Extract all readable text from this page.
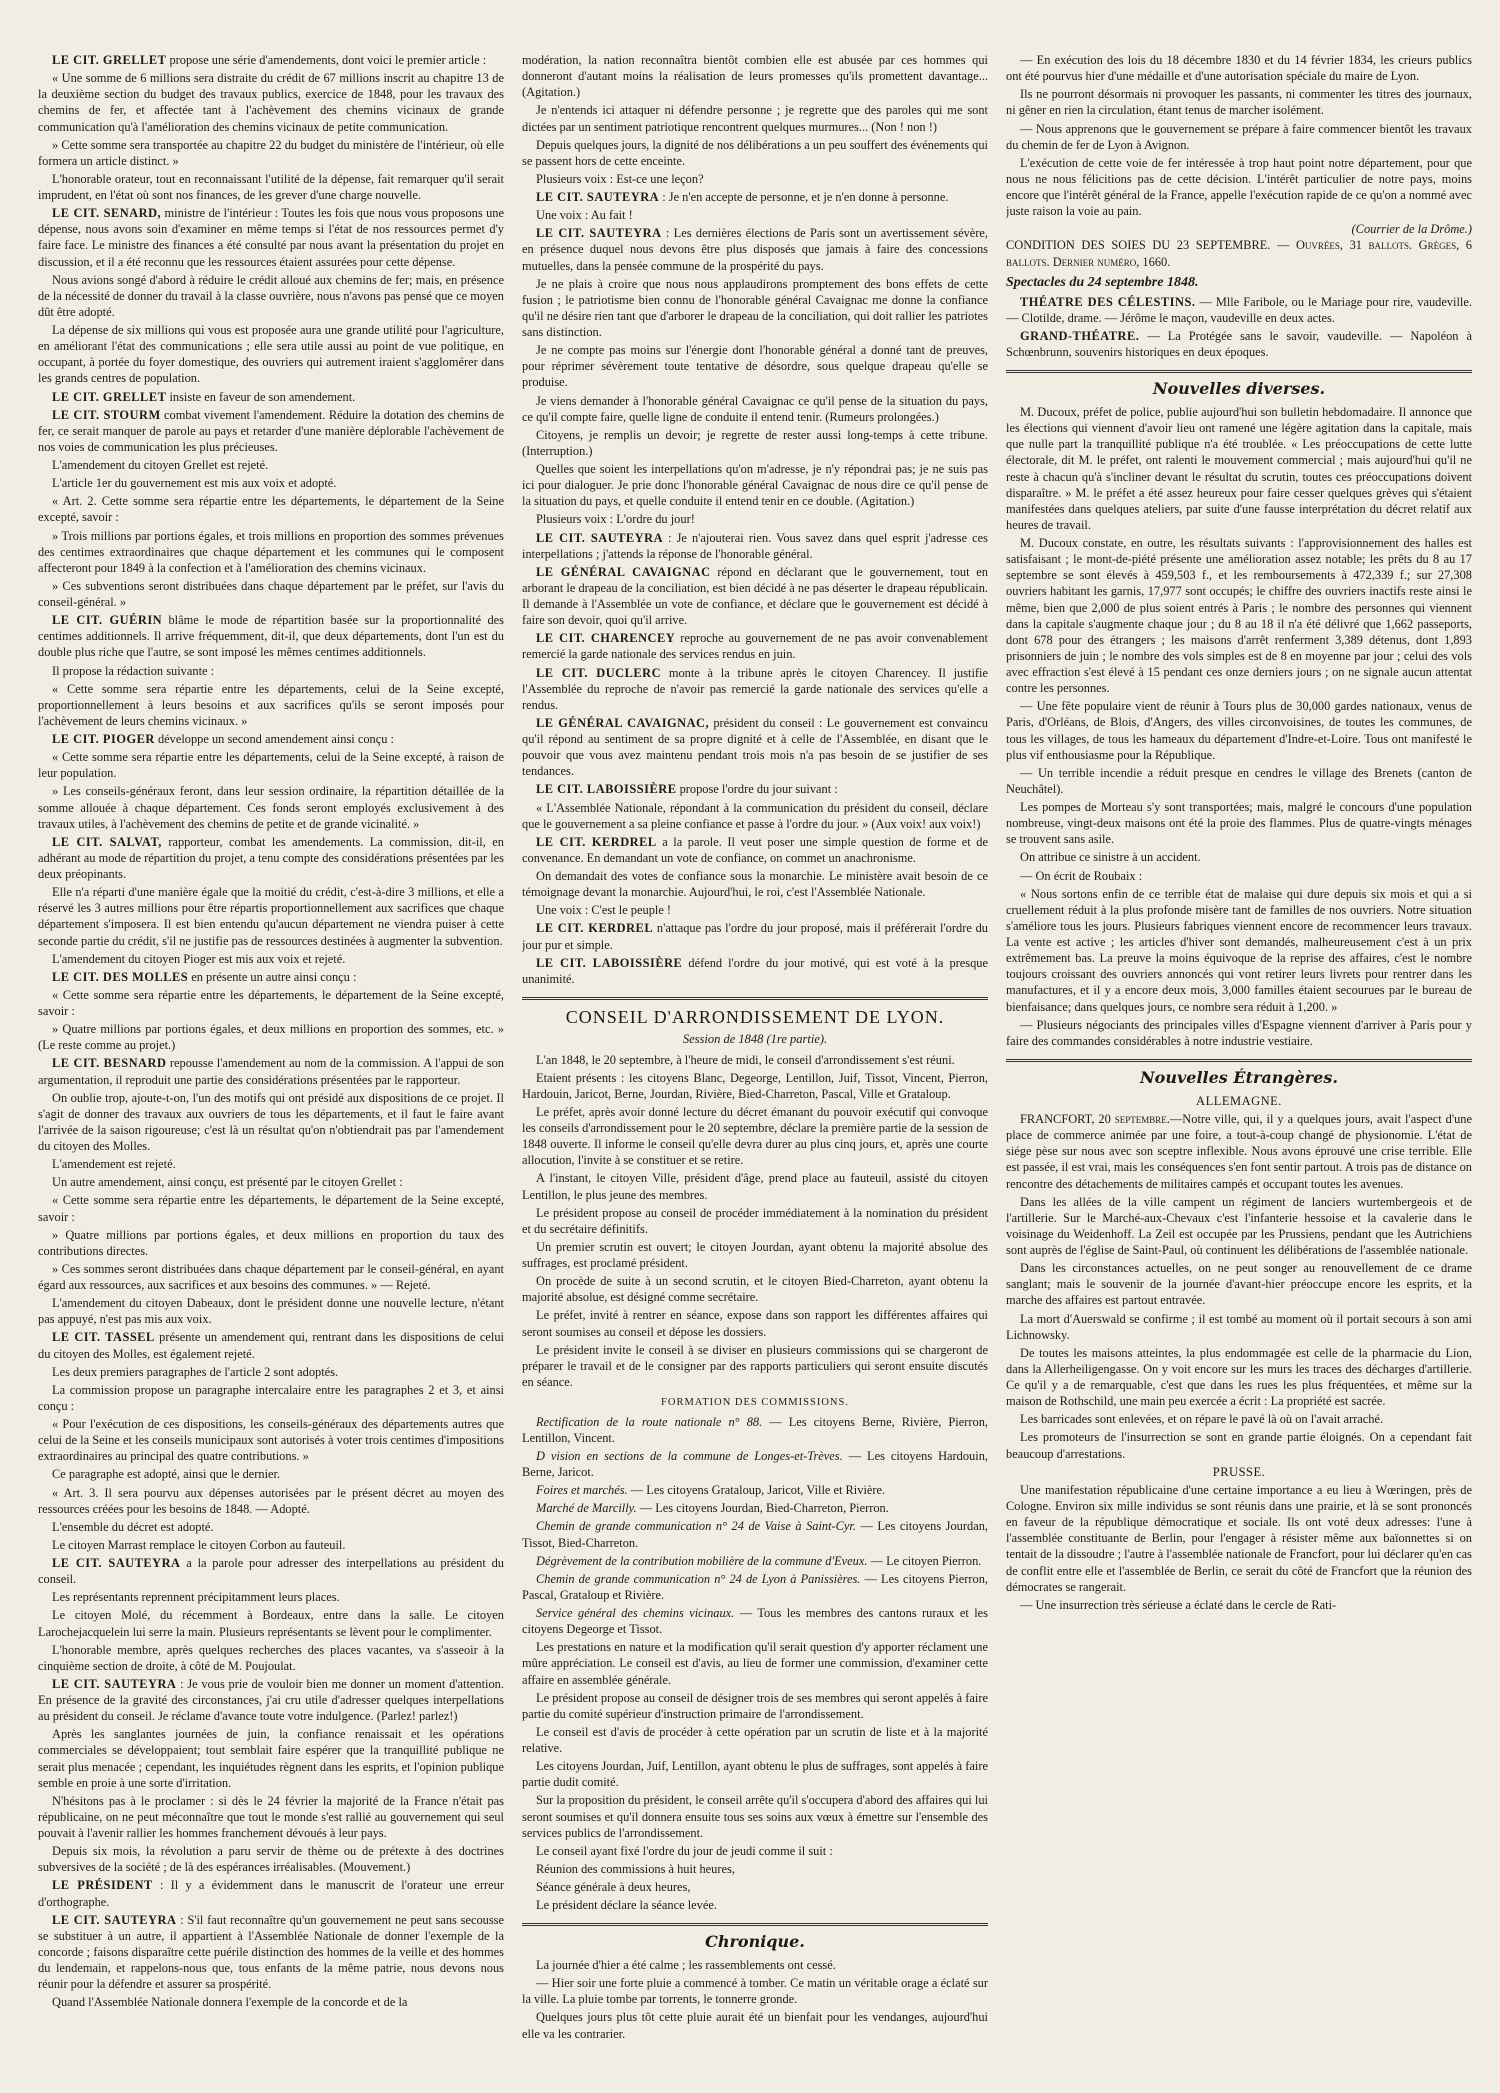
LE CIT. GRELLET propose une série d'amendements, dont voici le premier article :

« Une somme de 6 millions sera distraite du crédit de 67 millions inscrit au chapitre 13 de la deuxième section du budget des travaux publics, exercice de 1848, pour les travaux des chemins de fer, et affectée tant à l'achèvement des chemins vicinaux de grande communication qu'à l'amélioration des chemins vicinaux de petite communication.

» Cette somme sera transportée au chapitre 22 du budget du ministère de l'intérieur, où elle formera un article distinct. »

L'honorable orateur, tout en reconnaissant l'utilité de la dépense, fait remarquer qu'il serait imprudent, en l'état où sont nos finances, de les grever d'une charge nouvelle.

LE CIT. SENARD, ministre de l'intérieur : Toutes les fois que nous vous proposons une dépense, nous avons soin d'examiner en même temps si l'état de nos ressources permet d'y faire face. Le ministre des finances a été consulté par nous avant la présentation du projet en discussion, et il a été reconnu que les ressources étaient assurées pour cette dépense.

Nous avions songé d'abord à réduire le crédit alloué aux chemins de fer; mais, en présence de la nécessité de donner du travail à la classe ouvrière, nous n'avons pas pensé que ce moyen dût être adopté.

La dépense de six millions qui vous est proposée aura une grande utilité pour l'agriculture, en améliorant l'état des communications ; elle sera utile aussi au point de vue politique, en occupant, à portée du foyer domestique, des ouvriers qui autrement iraient s'agglomérer dans les grands centres de population.

LE CIT. GRELLET insiste en faveur de son amendement.

LE CIT. STOURM combat vivement l'amendement. Réduire la dotation des chemins de fer, ce serait manquer de parole au pays et retarder d'une manière déplorable l'achèvement de nos voies de communication les plus précieuses.

L'amendement du citoyen Grellet est rejeté.

L'article 1er du gouvernement est mis aux voix et adopté.

« Art. 2. Cette somme sera répartie entre les départements, le département de la Seine excepté, savoir :

» Trois millions par portions égales, et trois millions en proportion des sommes prévenues des centimes extraordinaires que chaque département et les communes qui le composent affecteront pour 1849 à la confection et à l'amélioration des chemins vicinaux.

» Ces subventions seront distribuées dans chaque département par le préfet, sur l'avis du conseil-général. »

LE CIT. GUÉRIN blâme le mode de répartition basée sur la proportionnalité des centimes additionnels. Il arrive fréquemment, dit-il, que deux départements, dont l'un est du double plus riche que l'autre, se sont imposé les mêmes centimes additionnels.

Il propose la rédaction suivante :

« Cette somme sera répartie entre les départements, celui de la Seine excepté, proportionnellement à leurs besoins et aux sacrifices qu'ils se seront imposés pour l'achèvement de leurs chemins vicinaux. »

LE CIT. PIOGER développe un second amendement ainsi conçu :

« Cette somme sera répartie entre les départements, celui de la Seine excepté, à raison de leur population.

» Les conseils-généraux feront, dans leur session ordinaire, la répartition détaillée de la somme allouée à chaque département. Ces fonds seront employés exclusivement à des travaux utiles, à l'achèvement des chemins de petite et de grande vicinalité. »

LE CIT. SALVAT, rapporteur, combat les amendements. La commission, dit-il, en adhérant au mode de répartition du projet, a tenu compte des considérations présentées par les deux préopinants.

Elle n'a réparti d'une manière égale que la moitié du crédit, c'est-à-dire 3 millions, et elle a réservé les 3 autres millions pour être répartis proportionnellement aux sacrifices que chaque département s'imposera. Il est bien entendu qu'aucun département ne viendra puiser à cette seconde partie du crédit, s'il ne justifie pas de ressources destinées à augmenter la subvention.

L'amendement du citoyen Pioger est mis aux voix et rejeté.

LE CIT. DES MOLLES en présente un autre ainsi conçu :

« Cette somme sera répartie entre les départements, le département de la Seine excepté, savoir :

» Quatre millions par portions égales, et deux millions en proportion des sommes, etc. » (Le reste comme au projet.)

LE CIT. BESNARD repousse l'amendement au nom de la commission. A l'appui de son argumentation, il reproduit une partie des considérations présentées par le rapporteur.

On oublie trop, ajoute-t-on, l'un des motifs qui ont présidé aux dispositions de ce projet. Il s'agit de donner des travaux aux ouvriers de tous les départements, et il faut le faire avant l'arrivée de la saison rigoureuse; c'est là un résultat qu'on n'obtiendrait pas par l'amendement du citoyen des Molles.

L'amendement est rejeté.

Un autre amendement, ainsi conçu, est présenté par le citoyen Grellet :

« Cette somme sera répartie entre les départements, le département de la Seine excepté, savoir :

» Quatre millions par portions égales, et deux millions en proportion du taux des contributions directes.

» Ces sommes seront distribuées dans chaque département par le conseil-général, en ayant égard aux ressources, aux sacrifices et aux besoins des communes. » — Rejeté.

L'amendement du citoyen Dabeaux, dont le président donne une nouvelle lecture, n'étant pas appuyé, n'est pas mis aux voix.

LE CIT. TASSEL présente un amendement qui, rentrant dans les dispositions de celui du citoyen des Molles, est également rejeté.

Les deux premiers paragraphes de l'article 2 sont adoptés.

La commission propose un paragraphe intercalaire entre les paragraphes 2 et 3, et ainsi conçu :

« Pour l'exécution de ces dispositions, les conseils-généraux des départements autres que celui de la Seine et les conseils municipaux sont autorisés à voter trois centimes d'impositions extraordinaires au principal des quatre contributions. »

Ce paragraphe est adopté, ainsi que le dernier.

« Art. 3. Il sera pourvu aux dépenses autorisées par le présent décret au moyen des ressources créées pour les besoins de 1848. — Adopté.

L'ensemble du décret est adopté.

Le citoyen Marrast remplace le citoyen Corbon au fauteuil.

LE CIT. SAUTEYRA a la parole pour adresser des interpellations au président du conseil.

Les représentants reprennent précipitamment leurs places.

Le citoyen Molé, du récemment à Bordeaux, entre dans la salle. Le citoyen Larochejacquelein lui serre la main. Plusieurs représentants se lèvent pour le complimenter.

L'honorable membre, après quelques recherches des places vacantes, va s'asseoir à la cinquième section de droite, à côté de M. Poujoulat.

LE CIT. SAUTEYRA : Je vous prie de vouloir bien me donner un moment d'attention. En présence de la gravité des circonstances, j'ai cru utile d'adresser quelques interpellations au président du conseil. Je réclame d'avance toute votre indulgence. (Parlez! parlez!)

Après les sanglantes journées de juin, la confiance renaissait et les opérations commerciales se développaient; tout semblait faire espérer que la tranquillité publique ne serait plus menacée ; cependant, les inquiétudes règnent dans les esprits, et l'opinion publique semble en proie à une sorte d'irritation.

N'hésitons pas à le proclamer : si dès le 24 février la majorité de la France n'était pas républicaine, on ne peut méconnaître que tout le monde s'est rallié au gouvernement qui seul pouvait à l'avenir rallier les hommes franchement dévoués à leur pays.

Depuis six mois, la révolution a paru servir de thème ou de prétexte à des doctrines subversives de la société ; de là des espérances irréalisables. (Mouvement.)

LE PRÉSIDENT : Il y a évidemment dans le manuscrit de l'orateur une erreur d'orthographe.

LE CIT. SAUTEYRA : S'il faut reconnaître qu'un gouvernement ne peut sans secousse se substituer à un autre, il appartient à l'Assemblée Nationale de donner l'exemple de la concorde ; faisons disparaître cette puérile distinction des hommes de la veille et des hommes du lendemain, et rappelons-nous que, tous enfants de la même patrie, nous devons nous réunir pour la défendre et assurer sa prospérité.

Quand l'Assemblée Nationale donnera l'exemple de la concorde et de la

modération, la nation reconnaîtra bientôt combien elle est abusée par ces hommes qui donneront d'autant moins la réalisation de leurs promesses qu'ils promettent davantage... (Agitation.)

Je n'entends ici attaquer ni défendre personne ; je regrette que des paroles qui me sont dictées par un sentiment patriotique rencontrent quelques murmures... (Non ! non !)

Depuis quelques jours, la dignité de nos délibérations a un peu souffert des événements qui se passent hors de cette enceinte.

Plusieurs voix : Est-ce une leçon?

LE CIT. SAUTEYRA : Je n'en accepte de personne, et je n'en donne à personne.

Une voix : Au fait !

LE CIT. SAUTEYRA : Les dernières élections de Paris sont un avertissement sévère, en présence duquel nous devons être plus disposés que jamais à faire des concessions mutuelles, dans la pensée commune de la prospérité du pays.

Je ne plais à croire que nous nous applaudirons promptement des bons effets de cette fusion ; le patriotisme bien connu de l'honorable général Cavaignac me donne la confiance qu'il ne désire rien tant que d'arborer le drapeau de la conciliation, qui doit rallier les patriotes sans distinction.

Je ne compte pas moins sur l'énergie dont l'honorable général a donné tant de preuves, pour réprimer sévèrement toute tentative de désordre, sous quelque drapeau qu'elle se produise.

Je viens demander à l'honorable général Cavaignac ce qu'il pense de la situation du pays, ce qu'il compte faire, quelle ligne de conduite il entend tenir. (Rumeurs prolongées.)

Citoyens, je remplis un devoir; je regrette de rester aussi long-temps à cette tribune. (Interruption.)

Quelles que soient les interpellations qu'on m'adresse, je n'y répondrai pas; je ne suis pas ici pour dialoguer. Je prie donc l'honorable général Cavaignac de nous dire ce qu'il pense de la situation du pays, et quelle conduite il entend tenir en ce double. (Agitation.)

Plusieurs voix : L'ordre du jour!

LE CIT. SAUTEYRA : Je n'ajouterai rien. Vous savez dans quel esprit j'adresse ces interpellations ; j'attends la réponse de l'honorable général.

LE GÉNÉRAL CAVAIGNAC répond en déclarant que le gouvernement, tout en arborant le drapeau de la conciliation, est bien décidé à ne pas déserter le drapeau républicain. Il demande à l'Assemblée un vote de confiance, et déclare que le gouvernement est décidé à faire son devoir, quoi qu'il arrive.

LE CIT. CHARENCEY reproche au gouvernement de ne pas avoir convenablement remercié la garde nationale des services rendus en juin.

LE CIT. DUCLERC monte à la tribune après le citoyen Charencey. Il justifie l'Assemblée du reproche de n'avoir pas remercié la garde nationale des services qu'elle a rendus.

LE GÉNÉRAL CAVAIGNAC, président du conseil : Le gouvernement est convaincu qu'il répond au sentiment de sa propre dignité et à celle de l'Assemblée, en disant que le pouvoir que vous avez maintenu pendant trois mois n'a pas besoin de se justifier de ses tendances.

LE CIT. LABOISSIÈRE propose l'ordre du jour suivant :

« L'Assemblée Nationale, répondant à la communication du président du conseil, déclare que le gouvernement a sa pleine confiance et passe à l'ordre du jour. » (Aux voix! aux voix!)

LE CIT. KERDREL a la parole. Il veut poser une simple question de forme et de convenance. En demandant un vote de confiance, on commet un anachronisme.

On demandait des votes de confiance sous la monarchie. Le ministère avait besoin de ce témoignage devant la monarchie. Aujourd'hui, le roi, c'est l'Assemblée Nationale.

Une voix : C'est le peuple !

LE CIT. KERDREL n'attaque pas l'ordre du jour proposé, mais il préférerait l'ordre du jour pur et simple.

LE CIT. LABOISSIÈRE défend l'ordre du jour motivé, qui est voté à la presque unanimité.

CONSEIL D'ARRONDISSEMENT DE LYON.
Session de 1848 (1re partie).

L'an 1848, le 20 septembre, à l'heure de midi, le conseil d'arrondissement s'est réuni.

Etaient présents : les citoyens Blanc, Degeorge, Lentillon, Juif, Tissot, Vincent, Pierron, Hardouin, Jaricot, Berne, Jourdan, Rivière, Bied-Charreton, Pascal, Ville et Grataloup.

Le préfet, après avoir donné lecture du décret émanant du pouvoir exécutif qui convoque les conseils d'arrondissement pour le 20 septembre, déclare la première partie de la session de 1848 ouverte. Il informe le conseil qu'elle devra durer au plus cinq jours, et, après une courte allocution, l'invite à se constituer et se retire.

A l'instant, le citoyen Ville, président d'âge, prend place au fauteuil, assisté du citoyen Lentillon, le plus jeune des membres.

Le président propose au conseil de procéder immédiatement à la nomination du président et du secrétaire définitifs.

Un premier scrutin est ouvert; le citoyen Jourdan, ayant obtenu la majorité absolue des suffrages, est proclamé président.

On procède de suite à un second scrutin, et le citoyen Bied-Charreton, ayant obtenu la majorité absolue, est désigné comme secrétaire.

Le préfet, invité à rentrer en séance, expose dans son rapport les différentes affaires qui seront soumises au conseil et dépose les dossiers.

Le président invite le conseil à se diviser en plusieurs commissions qui se chargeront de préparer le travail et de le consigner par des rapports particuliers qui seront ensuite discutés en séance.

FORMATION DES COMMISSIONS.

Rectification de la route nationale n° 88. — Les citoyens Berne, Rivière, Pierron, Lentillon, Vincent.

D vision en sections de la commune de Longes-et-Trèves. — Les citoyens Hardouin, Berne, Jaricot.

Foires et marchés. — Les citoyens Grataloup, Jaricot, Ville et Rivière.

Marché de Marcilly. — Les citoyens Jourdan, Bied-Charreton, Pierron.

Chemin de grande communication n° 24 de Vaise à Saint-Cyr. — Les citoyens Jourdan, Tissot, Bied-Charreton.

Dégrèvement de la contribution mobilière de la commune d'Eveux. — Le citoyen Pierron.

Chemin de grande communication n° 24 de Lyon à Panissières. — Les citoyens Pierron, Pascal, Grataloup et Rivière.

Service général des chemins vicinaux. — Tous les membres des cantons ruraux et les citoyens Degeorge et Tissot.

Les prestations en nature et la modification qu'il serait question d'y apporter réclament une mûre appréciation. Le conseil est d'avis, au lieu de former une commission, d'examiner cette affaire en assemblée générale.

Le président propose au conseil de désigner trois de ses membres qui seront appelés à faire partie du comité supérieur d'instruction primaire de l'arrondissement.

Le conseil est d'avis de procéder à cette opération par un scrutin de liste et à la majorité relative.

Les citoyens Jourdan, Juif, Lentillon, ayant obtenu le plus de suffrages, sont appelés à faire partie dudit comité.

Sur la proposition du président, le conseil arrête qu'il s'occupera d'abord des affaires qui lui seront soumises et qu'il donnera ensuite tous ses soins aux vœux à émettre sur l'ensemble des services publics de l'arrondissement.

Le conseil ayant fixé l'ordre du jour de jeudi comme il suit :

Réunion des commissions à huit heures,

Séance générale à deux heures,

Le président déclare la séance levée.

Chronique.

La journée d'hier a été calme ; les rassemblements ont cessé.

— Hier soir une forte pluie a commencé à tomber. Ce matin un véritable orage a éclaté sur la ville. La pluie tombe par torrents, le tonnerre gronde.

Quelques jours plus tôt cette pluie aurait été un bienfait pour les vendanges, aujourd'hui elle va les contrarier.

— En exécution des lois du 18 décembre 1830 et du 14 février 1834, les crieurs publics ont été pourvus hier d'une médaille et d'une autorisation spéciale du maire de Lyon.

Ils ne pourront désormais ni provoquer les passants, ni commenter les titres des journaux, ni gêner en rien la circulation, étant tenus de marcher isolément.

— Nous apprenons que le gouvernement se prépare à faire commencer bientôt les travaux du chemin de fer de Lyon à Avignon.

L'exécution de cette voie de fer intéressée à trop haut point notre département, pour que nous ne nous félicitions pas de cette décision. L'intérêt particulier de notre pays, moins encore que l'intérêt général de la France, appelle l'exécution rapide de ce qu'on a nommé avec juste raison la voie au pain.

(Courrier de la Drôme.)

CONDITION DES SOIES DU 23 SEPTEMBRE. — Ouvrées, 31 ballots. Grèges, 6 ballots. Dernier numéro, 1660.

Spectacles du 24 septembre 1848.

THÉATRE DES CÉLESTINS. — Mlle Faribole, ou le Mariage pour rire, vaudeville. — Clotilde, drame. — Jérôme le maçon, vaudeville en deux actes.

GRAND-THÉATRE. — La Protégée sans le savoir, vaudeville. — Napoléon à Schœnbrunn, souvenirs historiques en deux époques.

Nouvelles diverses.

M. Ducoux, préfet de police, publie aujourd'hui son bulletin hebdomadaire. Il annonce que les élections qui viennent d'avoir lieu ont ramené une légère agitation dans la capitale, mais que nulle part la tranquillité publique n'a été troublée. « Les préoccupations de cette lutte électorale, dit M. le préfet, ont ralenti le mouvement commercial ; mais aujourd'hui qu'il ne reste à chacun qu'à s'incliner devant le résultat du scrutin, toutes ces préoccupations doivent disparaître. » M. le préfet a été assez heureux pour faire cesser quelques grèves qui s'étaient manifestées dans quelques ateliers, par suite d'une fausse interprétation du décret relatif aux heures de travail.

M. Ducoux constate, en outre, les résultats suivants : l'approvisionnement des halles est satisfaisant ; le mont-de-piété présente une amélioration assez notable; les prêts du 8 au 17 septembre se sont élevés à 459,503 f., et les remboursements à 472,339 f.; sur 27,308 ouvriers habitant les garnis, 17,977 sont occupés; le chiffre des ouvriers inactifs reste ainsi le même, bien que 2,000 de plus soient entrés à Paris ; le nombre des personnes qui viennent dans la capitale s'augmente chaque jour ; du 8 au 18 il n'a été délivré que 1,662 passeports, dont 678 pour des étrangers ; les maisons d'arrêt renferment 3,389 détenus, dont 1,893 prisonniers de juin ; le nombre des vols simples est de 8 en moyenne par jour ; celui des vols avec effraction s'est élevé à 15 pendant ces onze derniers jours ; on ne signale aucun attentat contre les personnes.

— Une fête populaire vient de réunir à Tours plus de 30,000 gardes nationaux, venus de Paris, d'Orléans, de Blois, d'Angers, des villes circonvoisines, de toutes les communes, de tous les villages, de tous les hameaux du département d'Indre-et-Loire. Tous ont manifesté le plus vif enthousiasme pour la République.

— Un terrible incendie a réduit presque en cendres le village des Brenets (canton de Neuchâtel).

Les pompes de Morteau s'y sont transportées; mais, malgré le concours d'une population nombreuse, vingt-deux maisons ont été la proie des flammes. Plus de quatre-vingts ménages se trouvent sans asile.

On attribue ce sinistre à un accident.

— On écrit de Roubaix :

« Nous sortons enfin de ce terrible état de malaise qui dure depuis six mois et qui a si cruellement réduit à la plus profonde misère tant de familles de nos ouvriers. Notre situation s'améliore tous les jours. Plusieurs fabriques viennent encore de recommencer leurs travaux. La vente est active ; les articles d'hiver sont demandés, malheureusement c'est à un prix extrêmement bas. La preuve la moins équivoque de la reprise des affaires, c'est le nombre toujours croissant des ouvriers annoncés qui vont retirer leurs livrets pour rentrer dans les manufactures, et il y a encore deux mois, 3,000 familles étaient secourues par le bureau de bienfaisance; dans quelques jours, ce nombre sera réduit à 1,200. »

— Plusieurs négociants des principales villes d'Espagne viennent d'arriver à Paris pour y faire des commandes considérables à notre industrie vestiaire.

Nouvelles Étrangères.
ALLEMAGNE.

FRANCFORT, 20 septembre.—Notre ville, qui, il y a quelques jours, avait l'aspect d'une place de commerce animée par une foire, a tout-à-coup changé de physionomie. L'état de siége pèse sur nous avec son sceptre inflexible. Nous avons éprouvé une crise terrible. Elle est passée, il est vrai, mais les conséquences s'en font sentir partout. A trois pas de distance on rencontre des détachements de militaires campés et occupant toutes les avenues.

Dans les allées de la ville campent un régiment de lanciers wurtembergeois et de l'artillerie. Sur le Marché-aux-Chevaux c'est l'infanterie hessoise et la cavalerie dans le voisinage du Weidenhoff. La Zeil est occupée par les Prussiens, pendant que les Autrichiens sont auprès de l'église de Saint-Paul, où continuent les délibérations de l'assemblée nationale.

Dans les circonstances actuelles, on ne peut songer au renouvellement de ce drame sanglant; mais le souvenir de la journée d'avant-hier préoccupe encore les esprits, et la marche des affaires est partout entravée.

La mort d'Auerswald se confirme ; il est tombé au moment où il portait secours à son ami Lichnowsky.

De toutes les maisons atteintes, la plus endommagée est celle de la pharmacie du Lion, dans la Allerheiligengasse. On y voit encore sur les murs les traces des décharges d'artillerie. Ce qu'il y a de remarquable, c'est que dans les rues les plus fréquentées, et même sur la maison de Rothschild, une main peu exercée a écrit : La propriété est sacrée.

Les barricades sont enlevées, et on répare le pavé là où on l'avait arraché.

Les promoteurs de l'insurrection se sont en grande partie éloignés. On a cependant fait beaucoup d'arrestations.

PRUSSE.

Une manifestation républicaine d'une certaine importance a eu lieu à Wœringen, près de Cologne. Environ six mille individus se sont réunis dans une prairie, et là se sont prononcés en faveur de la république démocratique et sociale. Ils ont voté deux adresses: l'une à l'assemblée constituante de Berlin, pour l'engager à résister même aux baïonnettes si on tentait de la dissoudre ; l'autre à l'assemblée nationale de Francfort, pour lui déclarer qu'en cas de conflit entre elle et l'assemblée de Berlin, ce serait du côté de Francfort que la réunion des démocrates se rangerait.

— Une insurrection très sérieuse a éclaté dans le cercle de Rati-
